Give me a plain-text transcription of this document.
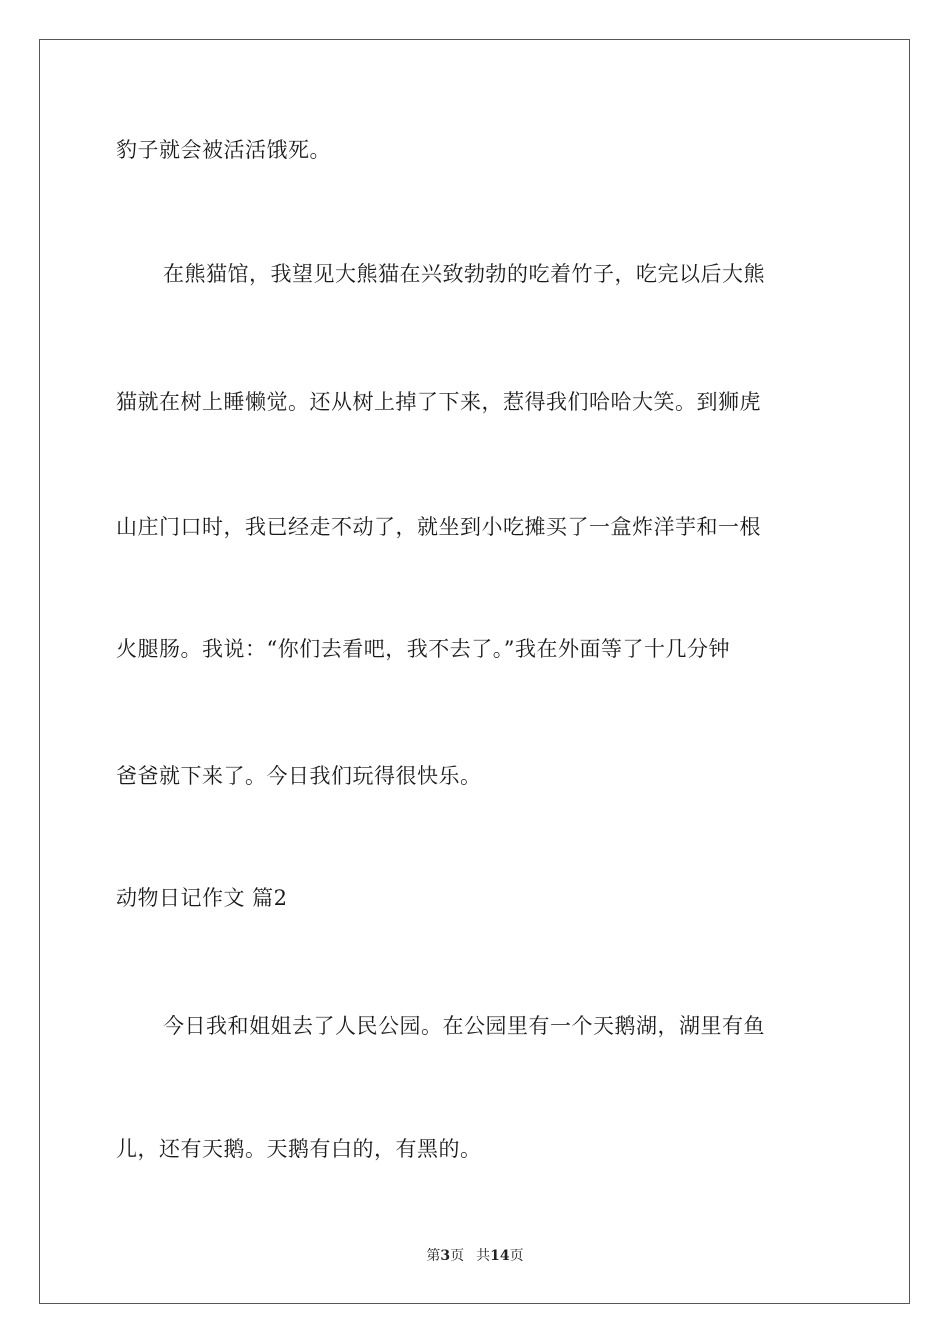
豹子就会被活活饿死。
在熊猫馆，我望见大熊猫在兴致勃勃的吃着竹子，吃完以后大熊
猫就在树上睡懒觉。还从树上掉了下来，惹得我们哈哈大笑。到狮虎
山庄门口时，我已经走不动了，就坐到小吃摊买了一盒炸洋芋和一根
火腿肠。我说：“你们去看吧，我不去了。”我在外面等了十几分钟
爸爸就下来了。今日我们玩得很快乐。
动物日记作文 篇2
今日我和姐姐去了人民公园。在公园里有一个天鹅湖，湖里有鱼
儿，还有天鹅。天鹅有白的，有黑的。
第3页 共14页
